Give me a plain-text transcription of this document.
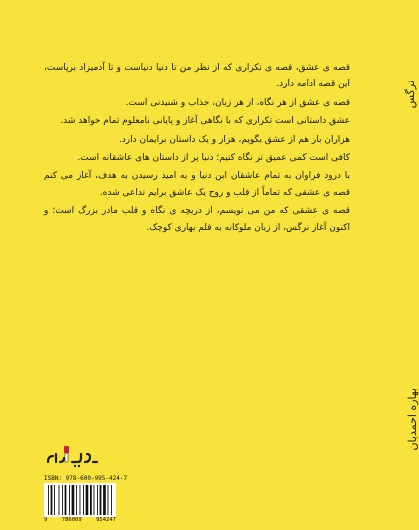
نرگس

قصه ی عشق، قصه ی تکراری که از نظر من تا دنیا دنیاست و تا آدمیزاد برپاست، این قصه ادامه دارد.

قصه ی عشق از هر نگاه، از هر زبان، جذاب و شنیدنی است.

عشق داستانی است تکراری که با نگاهی آغاز و پایانی نامعلوم تمام خواهد شد.

هزاران بار هم از عشق بگویم، هزار و یک داستان برایمان دارد.

کافی است کمی عمیق تر نگاه کنیم؛ دنیا پر از داستان های عاشقانه است.

با درود فراوان به تمام عاشقان این دنیا و به امید رسیدن به هدف، آغاز می کنم قصه ی عشقی که تماماً از قلب و روح یک عاشق برایم تداعی شده.

قصه ی عشقی که من می نویسم، از دریچه ی نگاه و قلب مادر بزرگ است؛ و اکنون آغاز نرگس، از زبان ملوکانه به قلم بهاری کوچک.

بهاره احمدیان
ISBN: 978-600-995-424-7
9	786009	954247
